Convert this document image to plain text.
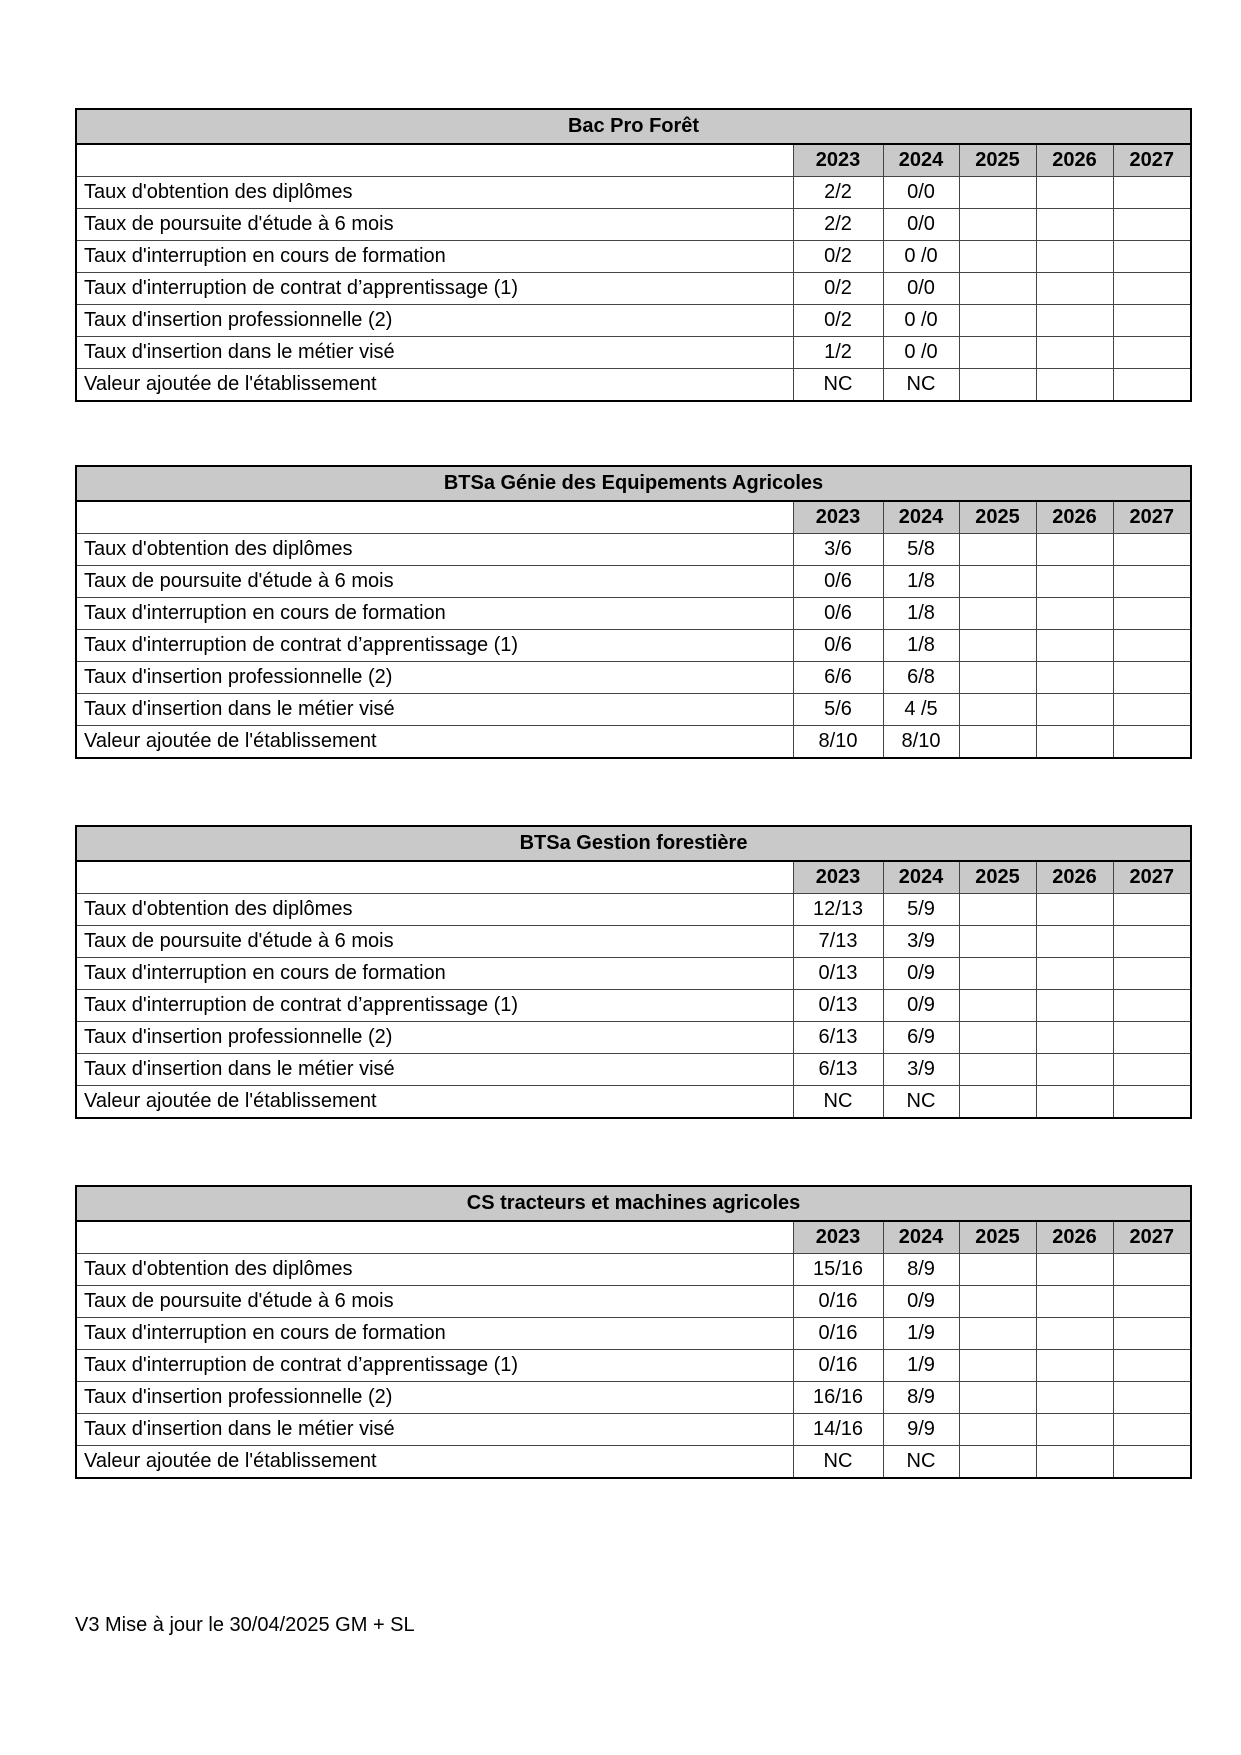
Bac Pro Forêt					
	2023	2024	2025	2026	2027
Taux d'obtention des diplômes	2/2	0/0			
Taux de poursuite d'étude à 6 mois	2/2	0/0			
Taux d'interruption en cours de formation	0/2	0 /0			
Taux d'interruption de contrat d’apprentissage (1)	0/2	0/0			
Taux d'insertion professionnelle (2)	0/2	0 /0			
Taux d'insertion dans le métier visé	1/2	0 /0			
Valeur ajoutée de l'établissement	NC	NC			
BTSa Génie des Equipements Agricoles					
	2023	2024	2025	2026	2027
Taux d'obtention des diplômes	3/6	5/8			
Taux de poursuite d'étude à 6 mois	0/6	1/8			
Taux d'interruption en cours de formation	0/6	1/8			
Taux d'interruption de contrat d’apprentissage (1)	0/6	1/8			
Taux d'insertion professionnelle (2)	6/6	6/8			
Taux d'insertion dans le métier visé	5/6	4 /5			
Valeur ajoutée de l'établissement	8/10	8/10			
BTSa Gestion forestière					
	2023	2024	2025	2026	2027
Taux d'obtention des diplômes	12/13	5/9			
Taux de poursuite d'étude à 6 mois	7/13	3/9			
Taux d'interruption en cours de formation	0/13	0/9			
Taux d'interruption de contrat d’apprentissage (1)	0/13	0/9			
Taux d'insertion professionnelle (2)	6/13	6/9			
Taux d'insertion dans le métier visé	6/13	3/9			
Valeur ajoutée de l'établissement	NC	NC			
CS tracteurs et machines agricoles					
	2023	2024	2025	2026	2027
Taux d'obtention des diplômes	15/16	8/9			
Taux de poursuite d'étude à 6 mois	0/16	0/9			
Taux d'interruption en cours de formation	0/16	1/9			
Taux d'interruption de contrat d’apprentissage (1)	0/16	1/9			
Taux d'insertion professionnelle (2)	16/16	8/9			
Taux d'insertion dans le métier visé	14/16	9/9			
Valeur ajoutée de l'établissement	NC	NC			
V3 Mise à jour le 30/04/2025 GM + SL
